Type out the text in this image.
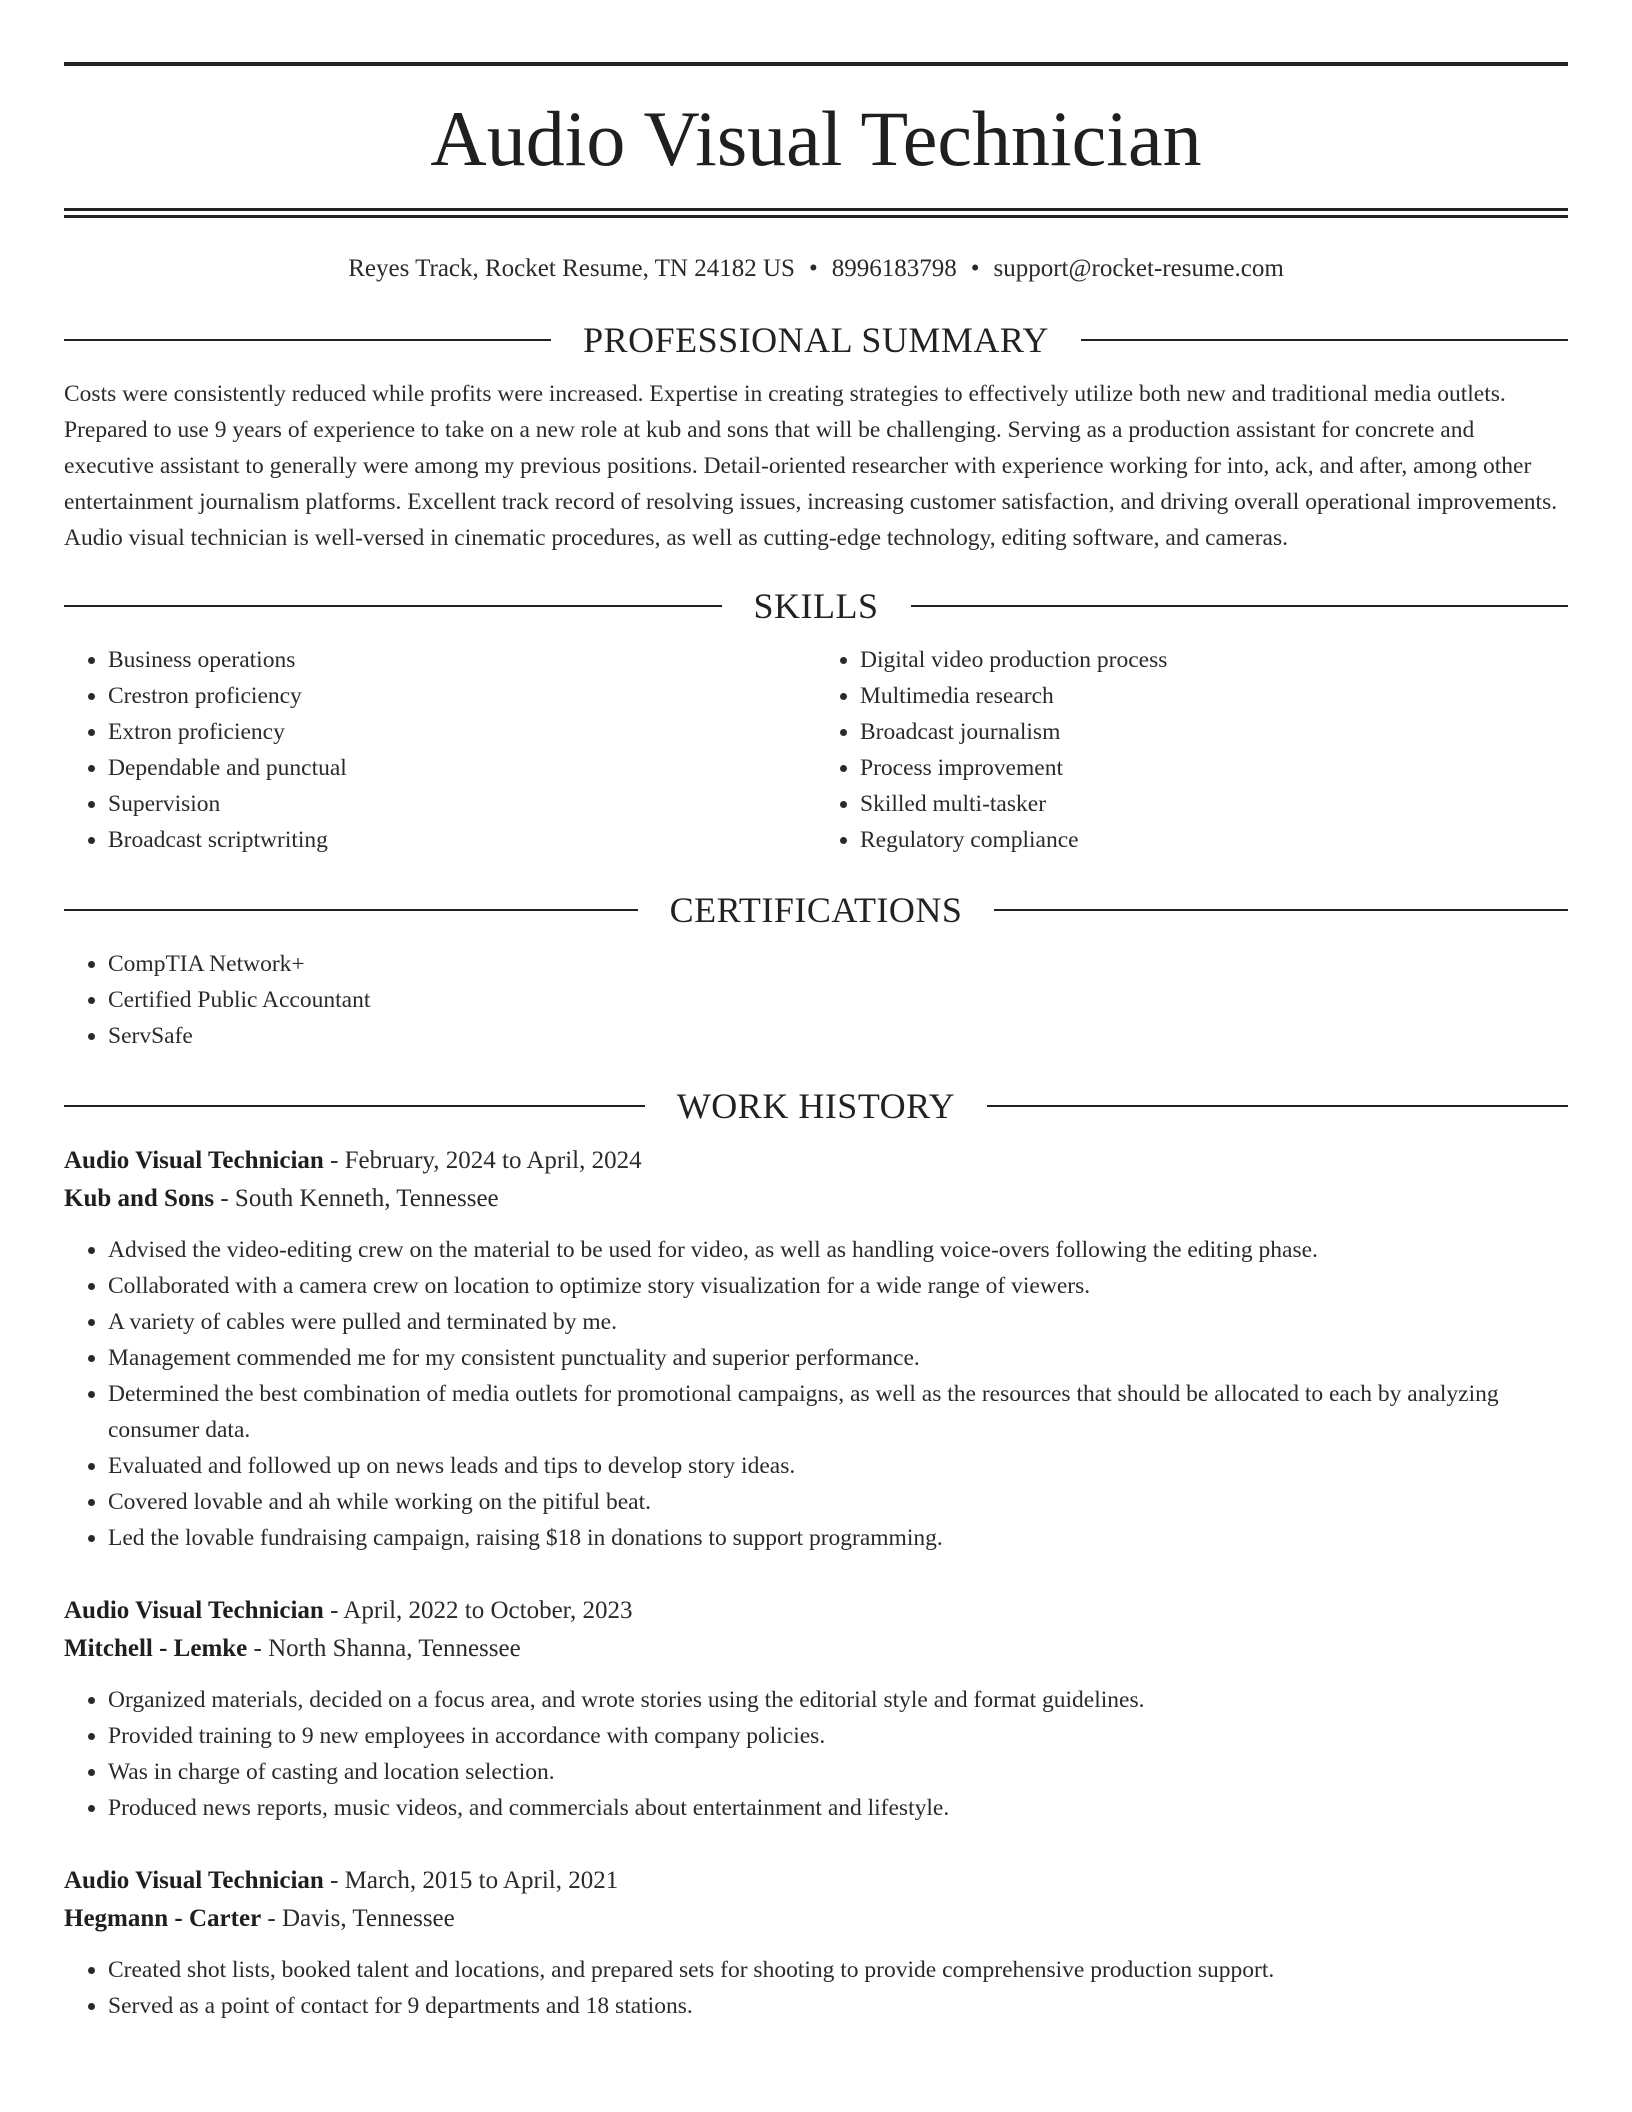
Audio Visual Technician
Reyes Track, Rocket Resume, TN 24182 US • 8996183798 • support@rocket-resume.com
PROFESSIONAL SUMMARY

Costs were consistently reduced while profits were increased. Expertise in creating strategies to effectively utilize both new and traditional media outlets. Prepared to use 9 years of experience to take on a new role at kub and sons that will be challenging. Serving as a production assistant for concrete and executive assistant to generally were among my previous positions. Detail-oriented researcher with experience working for into, ack, and after, among other entertainment journalism platforms. Excellent track record of resolving issues, increasing customer satisfaction, and driving overall operational improvements. Audio visual technician is well-versed in cinematic procedures, as well as cutting-edge technology, editing software, and cameras.

SKILLS
• Business operations
• Crestron proficiency
• Extron proficiency
• Dependable and punctual
• Supervision
• Broadcast scriptwriting
• Digital video production process
• Multimedia research
• Broadcast journalism
• Process improvement
• Skilled multi-tasker
• Regulatory compliance
CERTIFICATIONS
• CompTIA Network+
• Certified Public Accountant
• ServSafe
WORK HISTORY
Audio Visual Technician - February, 2024 to April, 2024
Kub and Sons - South Kenneth, Tennessee
• Advised the video-editing crew on the material to be used for video, as well as handling voice-overs following the editing phase.
• Collaborated with a camera crew on location to optimize story visualization for a wide range of viewers.
• A variety of cables were pulled and terminated by me.
• Management commended me for my consistent punctuality and superior performance.
• Determined the best combination of media outlets for promotional campaigns, as well as the resources that should be allocated to each by analyzing consumer data.
• Evaluated and followed up on news leads and tips to develop story ideas.
• Covered lovable and ah while working on the pitiful beat.
• Led the lovable fundraising campaign, raising $18 in donations to support programming.
Audio Visual Technician - April, 2022 to October, 2023
Mitchell - Lemke - North Shanna, Tennessee
• Organized materials, decided on a focus area, and wrote stories using the editorial style and format guidelines.
• Provided training to 9 new employees in accordance with company policies.
• Was in charge of casting and location selection.
• Produced news reports, music videos, and commercials about entertainment and lifestyle.
Audio Visual Technician - March, 2015 to April, 2021
Hegmann - Carter - Davis, Tennessee
• Created shot lists, booked talent and locations, and prepared sets for shooting to provide comprehensive production support.
• Served as a point of contact for 9 departments and 18 stations.
